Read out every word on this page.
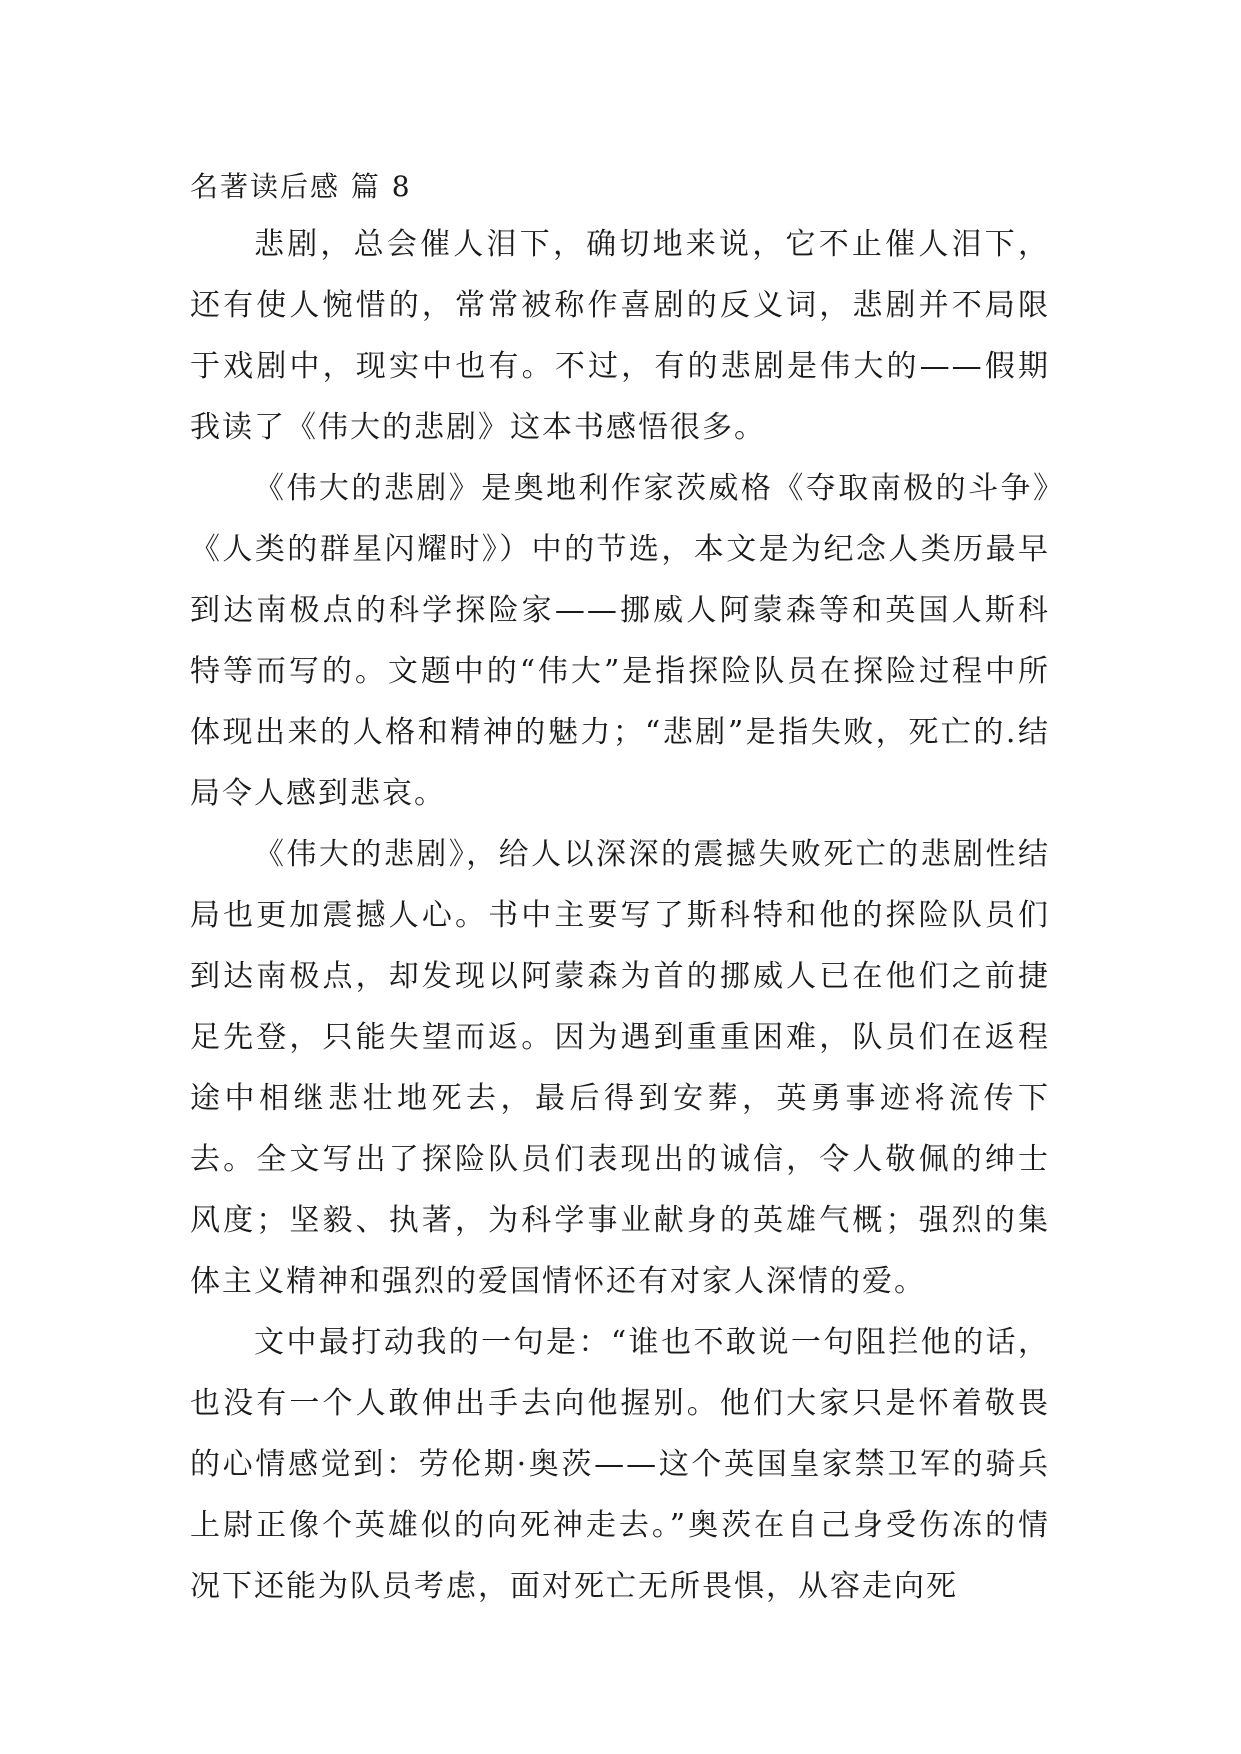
名著读后感 篇 8

悲剧，总会催人泪下，确切地来说，它不止催人泪下，还有使人惋惜的，常常被称作喜剧的反义词，悲剧并不局限于戏剧中，现实中也有。不过，有的悲剧是伟大的——假期我读了《伟大的悲剧》这本书感悟很多。

《伟大的悲剧》是奥地利作家茨威格《夺取南极的斗争》《人类的群星闪耀时》）中的节选，本文是为纪念人类历最早到达南极点的科学探险家——挪威人阿蒙森等和英国人斯科特等而写的。文题中的“伟大”是指探险队员在探险过程中所体现出来的人格和精神的魅力；“悲剧”是指失败，死亡的.结局令人感到悲哀。

《伟大的悲剧》，给人以深深的震撼失败死亡的悲剧性结局也更加震撼人心。书中主要写了斯科特和他的探险队员们到达南极点，却发现以阿蒙森为首的挪威人已在他们之前捷足先登，只能失望而返。因为遇到重重困难，队员们在返程途中相继悲壮地死去，最后得到安葬，英勇事迹将流传下去。全文写出了探险队员们表现出的诚信，令人敬佩的绅士风度；坚毅、执著，为科学事业献身的英雄气概；强烈的集体主义精神和强烈的爱国情怀还有对家人深情的爱。

文中最打动我的一句是：“谁也不敢说一句阻拦他的话，也没有一个人敢伸出手去向他握别。他们大家只是怀着敬畏的心情感觉到：劳伦期·奥茨——这个英国皇家禁卫军的骑兵上尉正像个英雄似的向死神走去。”奥茨在自己身受伤冻的情况下还能为队员考虑，面对死亡无所畏惧，从容走向死
